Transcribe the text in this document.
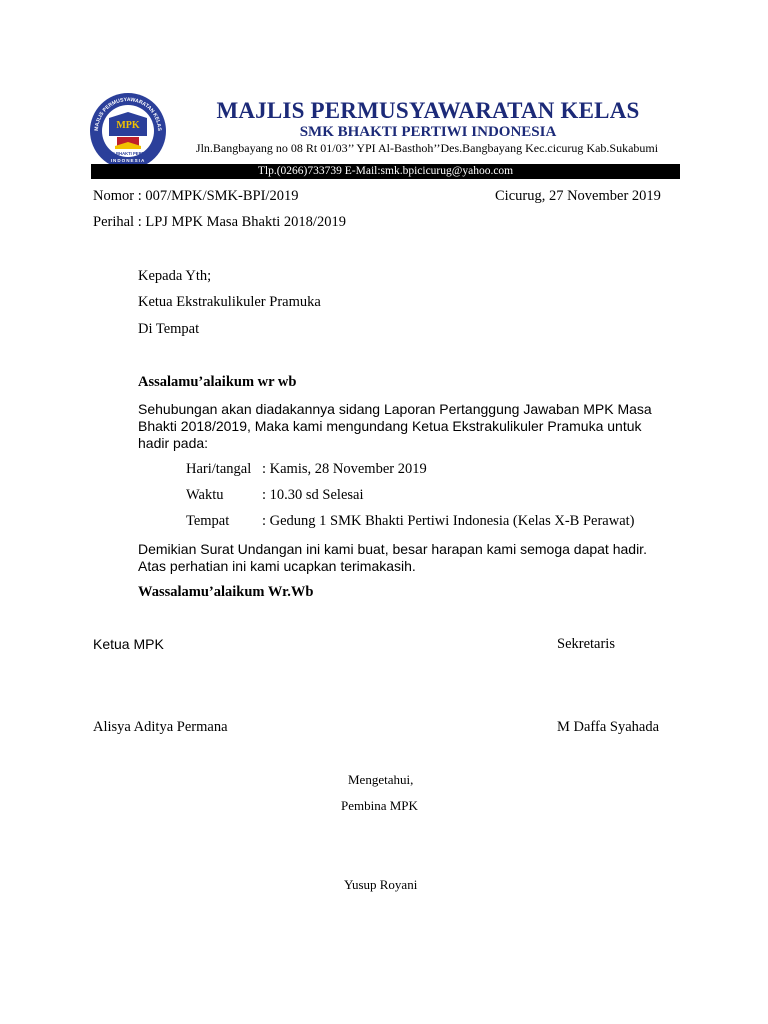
MAJLIS PERMUSYAWARATAN KELAS
MPK
SMK BHAKTI PERTIWI
INDONESIA
MAJLIS PERMUSYAWARATAN KELAS
SMK BHAKTI PERTIWI INDONESIA
Jln.Bangbayang no 08 Rt 01/03’’ YPI Al-Basthoh’’Des.Bangbayang Kec.cicurug Kab.Sukabumi
Tlp.(0266)733739 E-Mail:smk.bpicicurug@yahoo.com
Nomor : 007/MPK/SMK-BPI/2019	Cicurug, 27 November 2019
Perihal : LPJ MPK Masa Bhakti 2018/2019
Kepada Yth;
Ketua Ekstrakulikuler Pramuka
Di Tempat
Assalamu’alaikum wr wb
Sehubungan akan diadakannya sidang Laporan Pertanggung Jawaban MPK Masa Bhakti 2018/2019, Maka kami mengundang Ketua Ekstrakulikuler Pramuka untuk hadir pada:
Hari/tangal : Kamis, 28 November 2019
Waktu	: 10.30 sd Selesai
Tempat : Gedung 1 SMK Bhakti Pertiwi Indonesia (Kelas X-B Perawat)
Demikian Surat Undangan ini kami buat, besar harapan kami semoga dapat hadir. Atas perhatian ini kami ucapkan terimakasih.
Wassalamu’alaikum Wr.Wb
Ketua MPK	Sekretaris
Alisya Aditya Permana	M Daffa Syahada
Mengetahui,
Pembina MPK
Yusup Royani
